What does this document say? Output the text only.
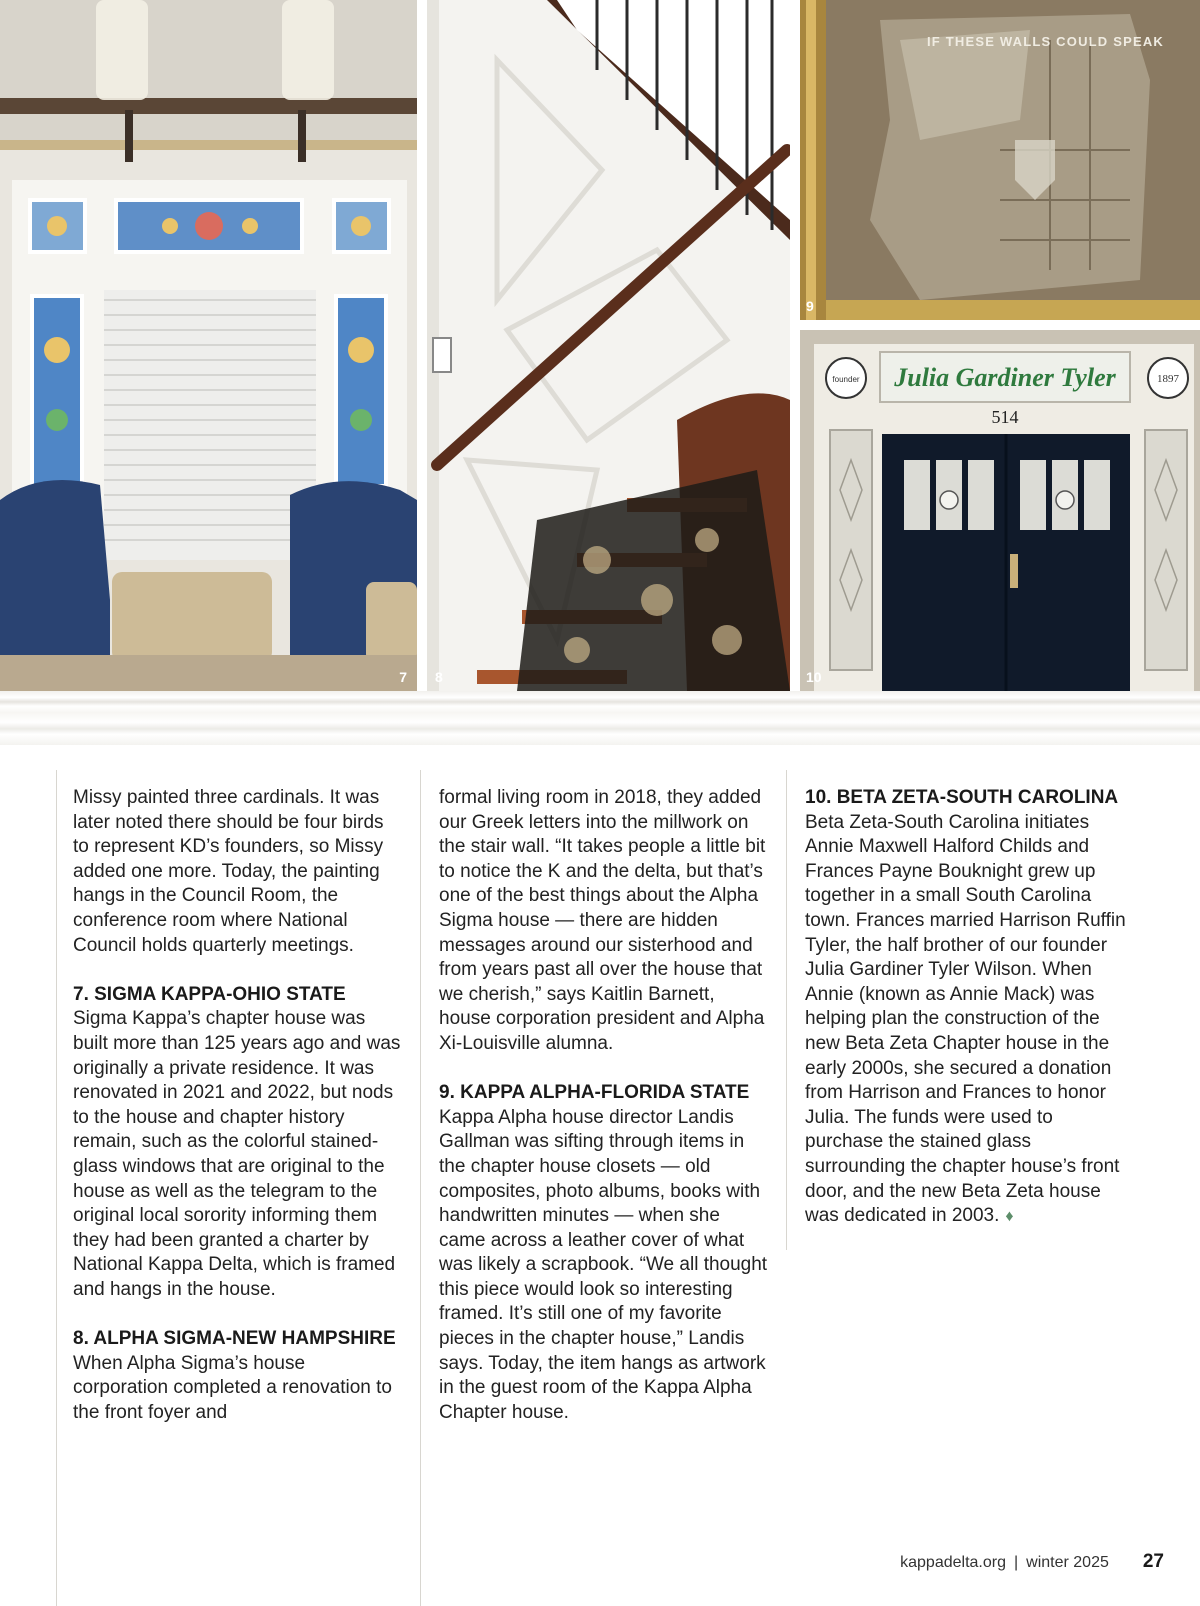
7 8
IF THESE WALLS COULD SPEAK
9
Julia Gardiner Tyler
founder	1897
514
10

Missy painted three cardinals. It was later noted there should be four birds to represent KD’s founders, so Missy added one more. Today, the painting hangs in the Council Room, the conference room where National Council holds quarterly meetings.

7. SIGMA KAPPA-OHIO STATE

Sigma Kappa’s chapter house was built more than 125 years ago and was originally a private residence. It was renovated in 2021 and 2022, but nods to the house and chapter history remain, such as the colorful stained-glass windows that are original to the house as well as the telegram to the original local sorority informing them they had been granted a charter by National Kappa Delta, which is framed and hangs in the house.

8. ALPHA SIGMA-NEW HAMPSHIRE

When Alpha Sigma’s house corporation completed a renovation to the front foyer and

formal living room in 2018, they added our Greek letters into the millwork on the stair wall. “It takes people a little bit to notice the K and the delta, but that’s one of the best things about the Alpha Sigma house — there are hidden messages around our sisterhood and from years past all over the house that we cherish,” says Kaitlin Barnett, house corporation president and Alpha Xi-Louisville alumna.

9. KAPPA ALPHA-FLORIDA STATE

Kappa Alpha house director Landis Gallman was sifting through items in the chapter house closets — old composites, photo albums, books with handwritten minutes — when she came across a leather cover of what was likely a scrapbook. “We all thought this piece would look so interesting framed. It’s still one of my favorite pieces in the chapter house,” Landis says. Today, the item hangs as artwork in the guest room of the Kappa Alpha Chapter house.

10. BETA ZETA-SOUTH CAROLINA

Beta Zeta-South Carolina initiates Annie Maxwell Halford Childs and Frances Payne Bouknight grew up together in a small South Carolina town. Frances married Harrison Ruffin Tyler, the half brother of our founder Julia Gardiner Tyler Wilson. When Annie (known as Annie Mack) was helping plan the construction of the new Beta Zeta Chapter house in the early 2000s, she secured a donation from Harrison and Frances to honor Julia. The funds were used to purchase the stained glass surrounding the chapter house’s front door, and the new Beta Zeta house was dedicated in 2003. ♦

kappadelta.org | winter 2025 27
